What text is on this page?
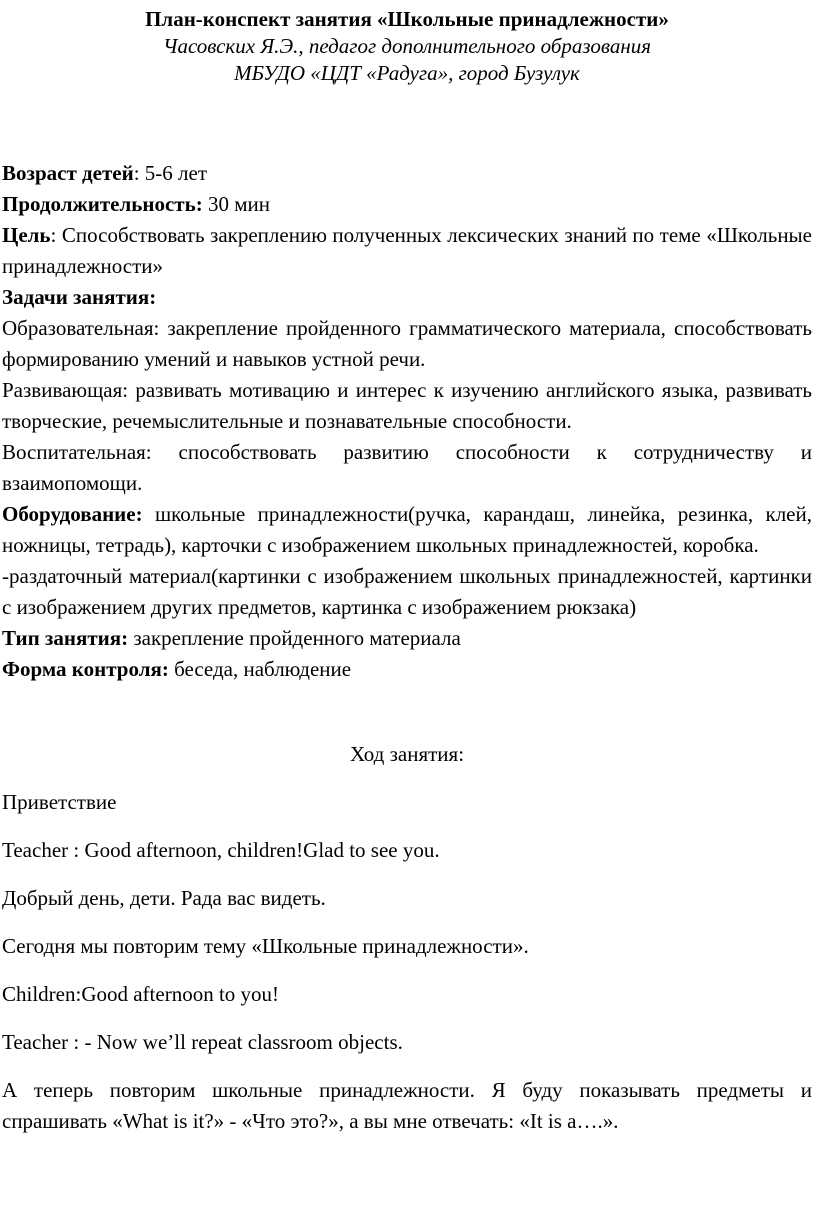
План-конспект занятия «Школьные принадлежности»
Часовских Я.Э., педагог дополнительного образования
МБУДО «ЦДТ «Радуга», город Бузулук

Возраст детей: 5-6 лет

Продолжительность: 30 мин

Цель: Способствовать закреплению полученных лексических знаний по теме «Школьные принадлежности»

Задачи занятия:

Образовательная: закрепление пройденного грамматического материала, способствовать формированию умений и навыков устной речи.

Развивающая: развивать мотивацию и интерес к изучению английского языка, развивать творческие, речемыслительные и познавательные способности.

Воспитательная: способствовать развитию способности к сотрудничеству и взаимопомощи.

Оборудование: школьные принадлежности(ручка, карандаш, линейка, резинка, клей, ножницы, тетрадь), карточки с изображением школьных принадлежностей, коробка.

-раздаточный материал(картинки с изображением школьных принадлежностей, картинки с изображением других предметов, картинка с изображением рюкзака)

Тип занятия: закрепление пройденного материала

Форма контроля: беседа, наблюдение

Ход занятия:

Приветствие

Teacher : Good afternoon, children!Glad to see you.

Добрый день, дети. Рада вас видеть.

Сегодня мы повторим тему «Школьные принадлежности».

Children:Good afternoon to you!

Teacher : - Now we’ll repeat classroom objects.

А теперь повторим школьные принадлежности. Я буду показывать предметы и спрашивать «What is it?» - «Что это?», а вы мне отвечать: «It is a….».
